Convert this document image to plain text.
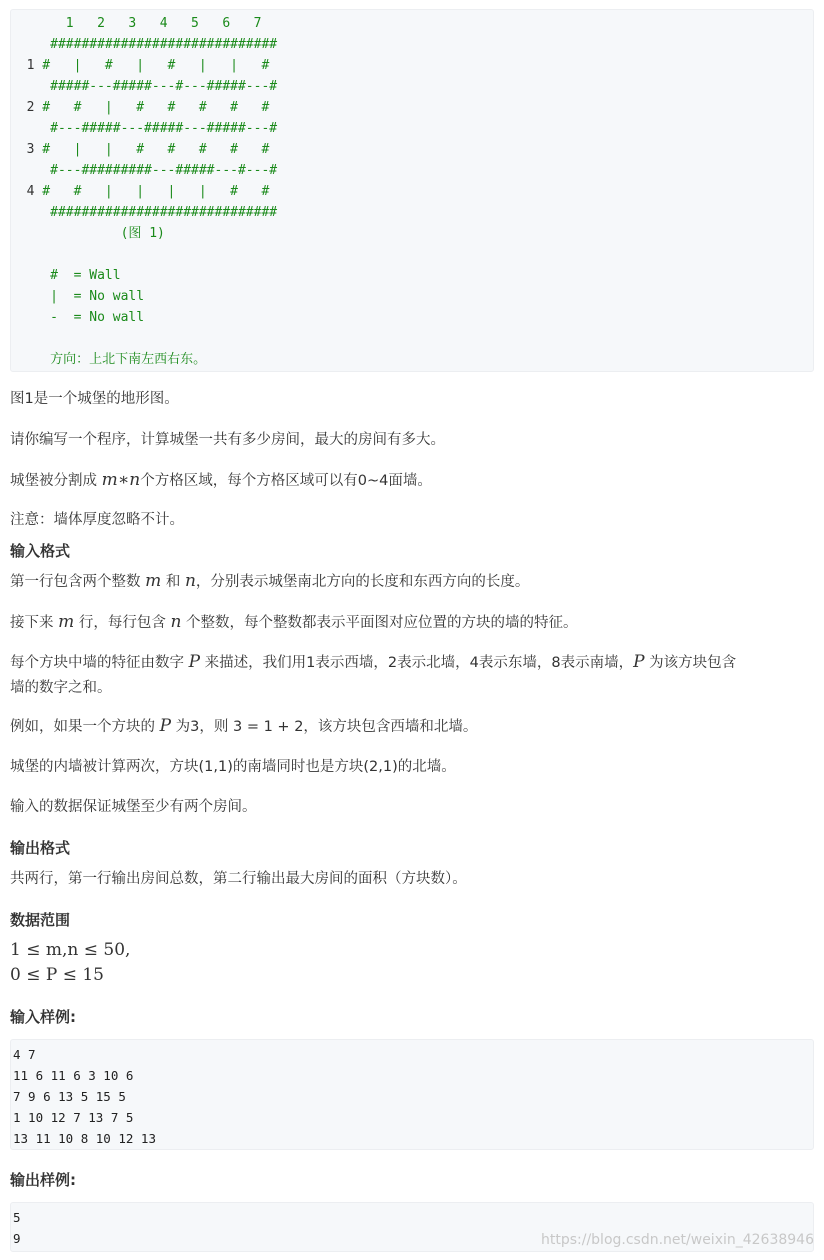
1   2   3   4   5   6   7
#############################
1 #   |   #   |   #   |   |   #
#####---#####---#---#####---#
2 #   #   |   #   #   #   #   #
#---#####---#####---#####---#
3 #   |   |   #   #   #   #   #
#---#########---#####---#---#
4 #   #   |   |   |   |   #   #
#############################
(图 1)

#  = Wall
|  = No wall
-  = No wall

方向：上北下南左西右东。

图1是一个城堡的地形图。

请你编写一个程序，计算城堡一共有多少房间，最大的房间有多大。

城堡被分割成 m∗n个方格区域，每个方格区域可以有0~4面墙。

注意：墙体厚度忽略不计。

输入格式

第一行包含两个整数 m 和 n，分别表示城堡南北方向的长度和东西方向的长度。

接下来 m 行，每行包含 n 个整数，每个整数都表示平面图对应位置的方块的墙的特征。

每个方块中墙的特征由数字 P 来描述，我们用1表示西墙，2表示北墙，4表示东墙，8表示南墙，P 为该方块包含

墙的数字之和。

例如，如果一个方块的 P 为3，则 3 = 1 + 2，该方块包含西墙和北墙。

城堡的内墙被计算两次，方块(1,1)的南墙同时也是方块(2,1)的北墙。

输入的数据保证城堡至少有两个房间。

输出格式

共两行，第一行输出房间总数，第二行输出最大房间的面积（方块数）。

数据范围

1 ≤ m,n ≤ 50,

0 ≤ P ≤ 15

输入样例:
4 7
11 6 11 6 3 10 6
7 9 6 13 5 15 5
1 10 12 7 13 7 5
13 11 10 8 10 12 13
输出样例:
5
9	https://blog.csdn.net/weixin_42638946
